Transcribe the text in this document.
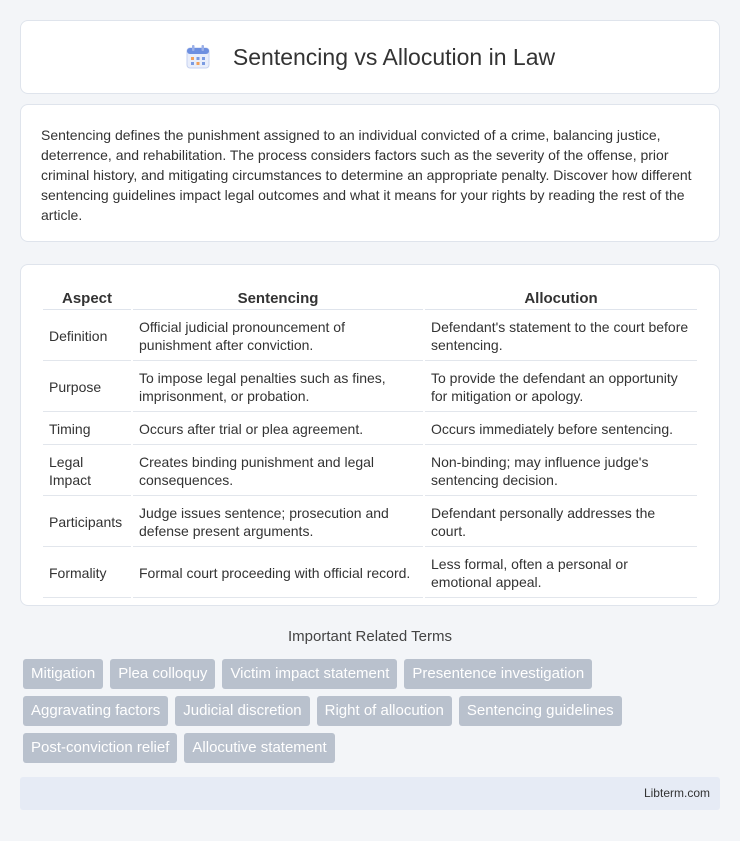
Sentencing vs Allocution in Law

Sentencing defines the punishment assigned to an individual convicted of a crime, balancing justice, deterrence, and rehabilitation. The process considers factors such as the severity of the offense, prior criminal history, and mitigating circumstances to determine an appropriate penalty. Discover how different sentencing guidelines impact legal outcomes and what it means for your rights by reading the rest of the article.

Aspect	Sentencing	Allocution
Definition	Official judicial pronouncement of punishment after conviction.	Defendant's statement to the court before sentencing.
Purpose	To impose legal penalties such as fines, imprisonment, or probation.	To provide the defendant an opportunity for mitigation or apology.
Timing	Occurs after trial or plea agreement.	Occurs immediately before sentencing.
Legal Impact	Creates binding punishment and legal consequences.	Non-binding; may influence judge's sentencing decision.
Participants	Judge issues sentence; prosecution and defense present arguments.	Defendant personally addresses the court.
Formality	Formal court proceeding with official record.	Less formal, often a personal or emotional appeal.
Important Related Terms
Mitigation	Plea colloquy	Victim impact statement	Presentence investigation
Aggravating factors	Judicial discretion	Right of allocution	Sentencing guidelines
Post-conviction relief	Allocutive statement
Libterm.com
